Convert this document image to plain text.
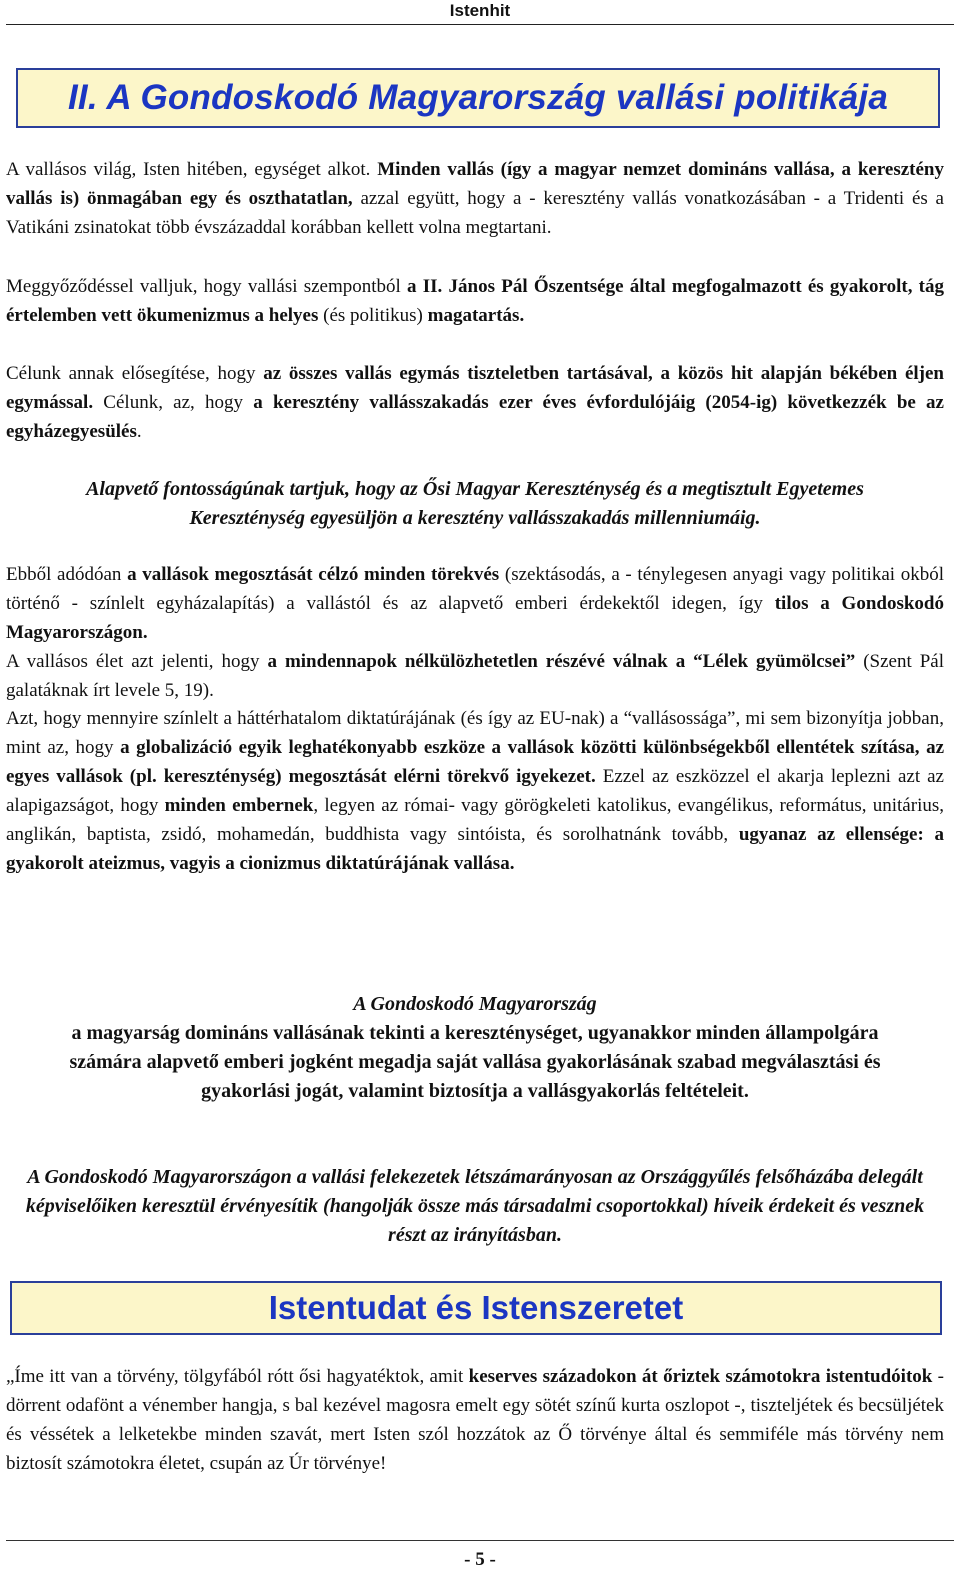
Istenhit
II. A Gondoskodó Magyarország vallási politikája

A vallásos világ, Isten hitében, egységet alkot. Minden vallás (így a magyar nemzet domináns vallása, a keresztény vallás is) önmagában egy és oszthatatlan, azzal együtt, hogy a - keresztény vallás vonatkozásában - a Tridenti és a Vatikáni zsinatokat több évszázaddal korábban kellett volna megtartani.

Meggyőződéssel valljuk, hogy vallási szempontból a II. János Pál Őszentsége által megfogalmazott és gyakorolt, tág értelemben vett ökumenizmus a helyes (és politikus) magatartás.

Célunk annak elősegítése, hogy az összes vallás egymás tiszteletben tartásával, a közös hit alapján békében éljen egymással. Célunk, az, hogy a keresztény vallásszakadás ezer éves évfordulójáig (2054-ig) következzék be az egyházegyesülés.

Alapvető fontosságúnak tartjuk, hogy az Ősi Magyar Kereszténység és a megtisztult Egyetemes Kereszténység egyesüljön a keresztény vallásszakadás millenniumáig.

Ebből adódóan a vallások megosztását célzó minden törekvés (szektásodás, a - ténylegesen anyagi vagy politikai okból történő - színlelt egyházalapítás) a vallástól és az alapvető emberi érdekektől idegen, így tilos a Gondoskodó Magyarországon.

A vallásos élet azt jelenti, hogy a mindennapok nélkülözhetetlen részévé válnak a “Lélek gyümölcsei” (Szent Pál galatáknak írt levele 5, 19).

Azt, hogy mennyire színlelt a háttérhatalom diktatúrájának (és így az EU-nak) a “vallásossága”, mi sem bizonyítja jobban, mint az, hogy a globalizáció egyik leghatékonyabb eszköze a vallások közötti különbségekből ellentétek szítása, az egyes vallások (pl. kereszténység) megosztását elérni törekvő igyekezet. Ezzel az eszközzel el akarja leplezni azt az alapigazságot, hogy minden embernek, legyen az római- vagy görögkeleti katolikus, evangélikus, református, unitárius, anglikán, baptista, zsidó, mohamedán, buddhista vagy sintóista, és sorolhatnánk tovább, ugyanaz az ellensége: a gyakorolt ateizmus, vagyis a cionizmus diktatúrájának vallása.

A Gondoskodó Magyarország
a magyarság domináns vallásának tekinti a kereszténységet, ugyanakkor minden állampolgára számára alapvető emberi jogként megadja saját vallása gyakorlásának szabad megválasztási és gyakorlási jogát, valamint biztosítja a vallásgyakorlás feltételeit.

A Gondoskodó Magyarországon a vallási felekezetek létszámarányosan az Országgyűlés felsőházába delegált képviselőiken keresztül érvényesítik (hangolják össze más társadalmi csoportokkal) híveik érdekeit és vesznek részt az irányításban.

Istentudat és Istenszeretet

„Íme itt van a törvény, tölgyfából rótt ősi hagyatéktok, amit keserves századokon át őriztek számotokra istentudóitok - dörrent odafönt a vénember hangja, s bal kezével magosra emelt egy sötét színű kurta oszlopot -, tiszteljétek és becsüljétek és véssétek a lelketekbe minden szavát, mert Isten szól hozzátok az Ő törvénye által és semmiféle más törvény nem biztosít számotokra életet, csupán az Úr törvénye!

- 5 -
